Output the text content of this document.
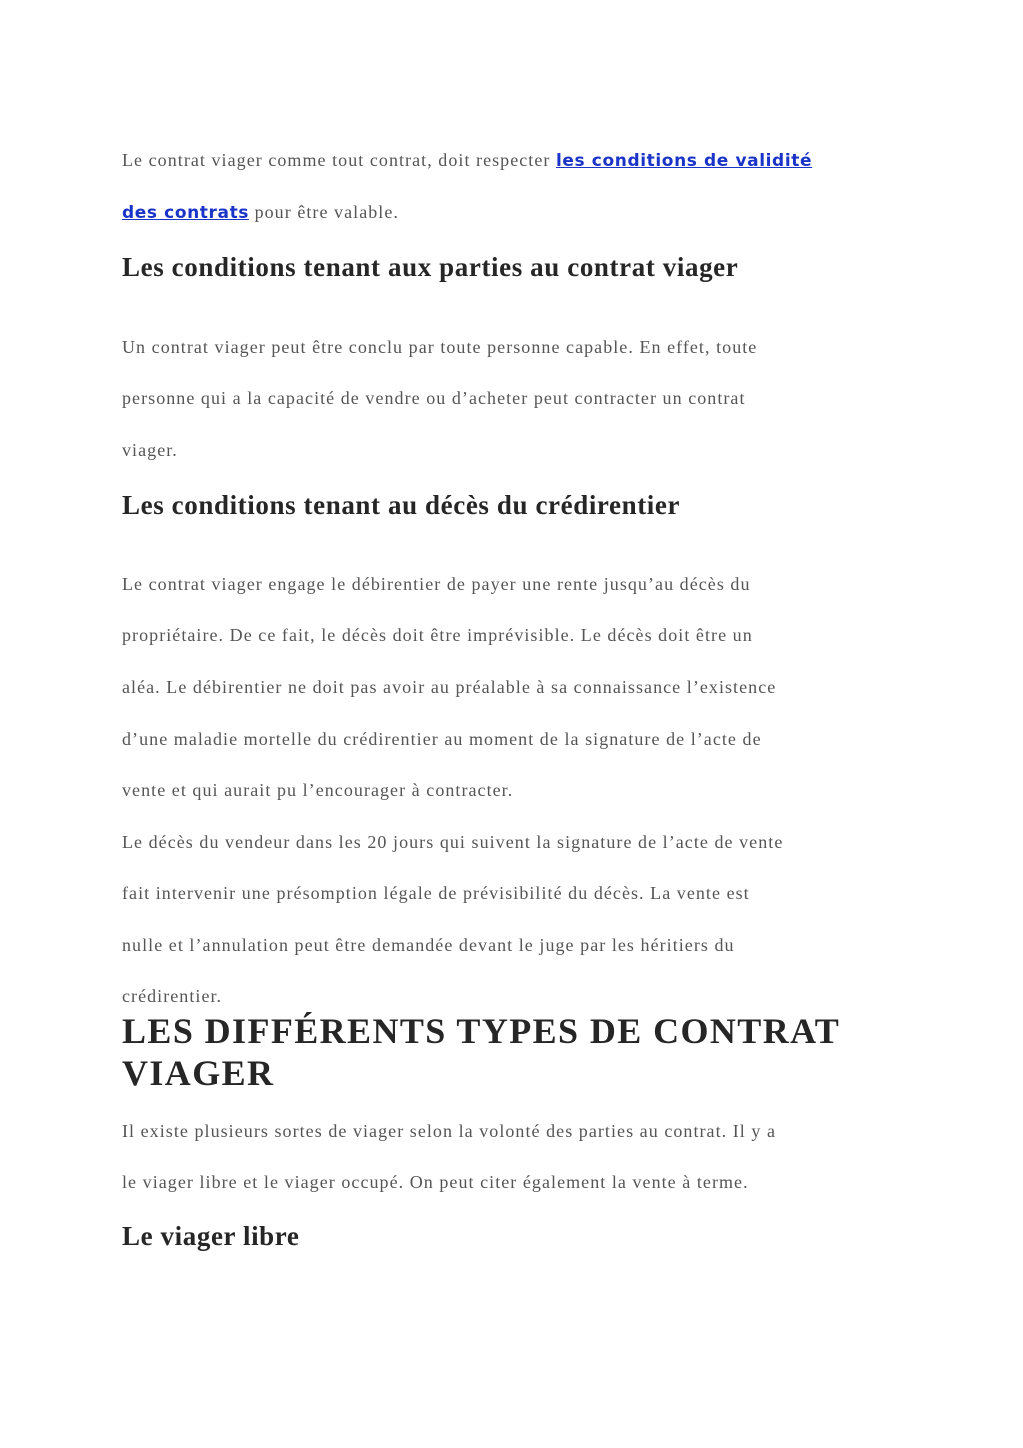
Le contrat viager comme tout contrat, doit respecter les conditions de validité

des contrats pour être valable.

Les conditions tenant aux parties au contrat viager

Un contrat viager peut être conclu par toute personne capable. En effet, toute

personne qui a la capacité de vendre ou d’acheter peut contracter un contrat

viager.

Les conditions tenant au décès du crédirentier

Le contrat viager engage le débirentier de payer une rente jusqu’au décès du

propriétaire. De ce fait, le décès doit être imprévisible. Le décès doit être un

aléa. Le débirentier ne doit pas avoir au préalable à sa connaissance l’existence

d’une maladie mortelle du crédirentier au moment de la signature de l’acte de

vente et qui aurait pu l’encourager à contracter.

Le décès du vendeur dans les 20 jours qui suivent la signature de l’acte de vente

fait intervenir une présomption légale de prévisibilité du décès. La vente est

nulle et l’annulation peut être demandée devant le juge par les héritiers du

crédirentier.

LES DIFFÉRENTS TYPES DE CONTRAT
VIAGER

Il existe plusieurs sortes de viager selon la volonté des parties au contrat. Il y a

le viager libre et le viager occupé. On peut citer également la vente à terme.

Le viager libre
